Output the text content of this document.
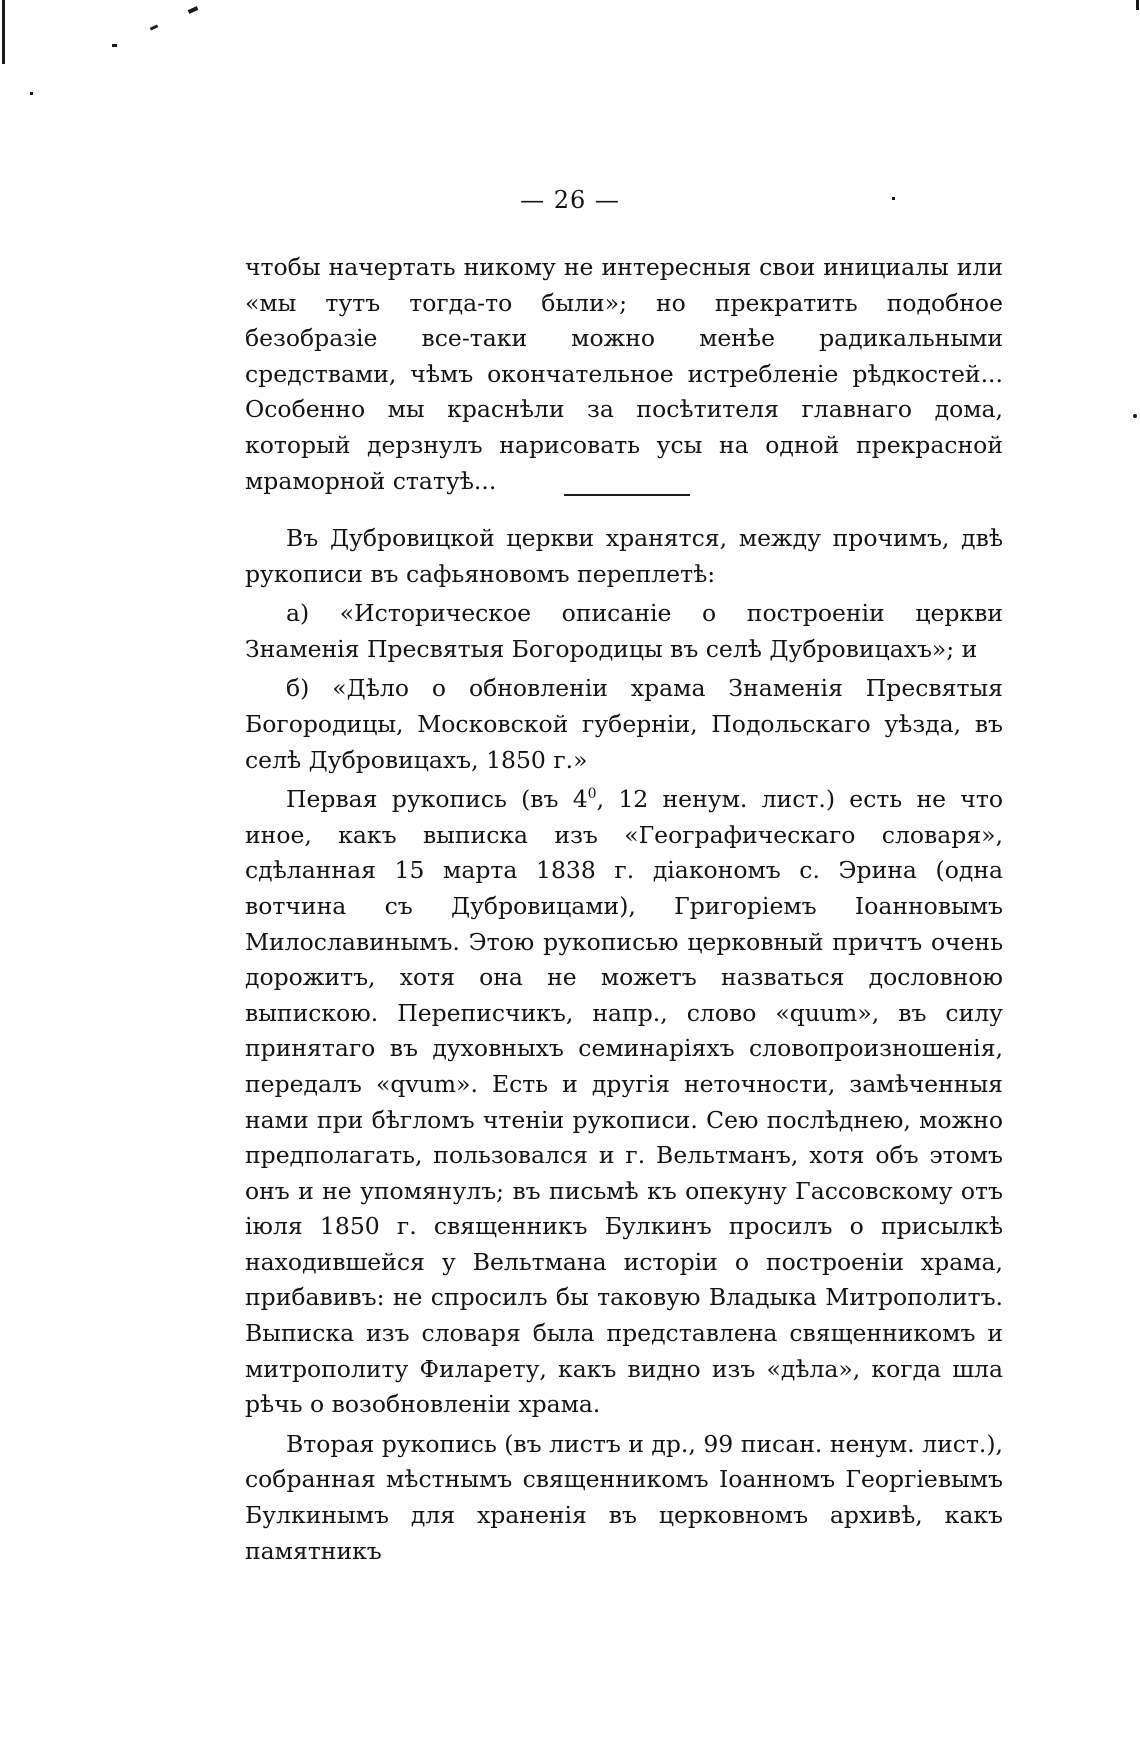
— 26 —

чтобы начертать никому не интересныя свои инициалы или «мы тутъ тогда-то были»; но прекратить подобное безобразіе все-таки можно менѣе радикальными средствами, чѣмъ окончательное истребленіе рѣдкостей... Особенно мы краснѣли за посѣтителя главнаго дома, который дерзнулъ нарисовать усы на одной прекрасной мраморной статуѣ...

Въ Дубровицкой церкви хранятся, между прочимъ, двѣ рукописи въ сафьяновомъ переплетѣ:

а) «Историческое описаніе о построеніи церкви Знаменія Пресвятыя Богородицы въ селѣ Дубровицахъ»; и

б) «Дѣло о обновленіи храма Знаменія Пресвятыя Богородицы, Московской губерніи, Подольскаго уѣзда, въ селѣ Дубровицахъ, 1850 г.»

Первая рукопись (въ $4^0$, 12 ненум. лист.) есть не что иное, какъ выписка изъ «Географическаго словаря», сдѣланная 15 марта 1838 г. діакономъ с. Эрина (одна вотчина съ Дубровицами), Григоріемъ Іоанновымъ Милославинымъ. Этою рукописью церковный причтъ очень дорожитъ, хотя она не можетъ назваться дословною выпискою. Переписчикъ, напр., слово «quum», въ силу принятаго въ духовныхъ семинаріяхъ словопроизношенія, передалъ «qvum». Есть и другія неточности, замѣченныя нами при бѣгломъ чтеніи рукописи. Сею послѣднею, можно предполагать, пользовался и г. Вельтманъ, хотя объ этомъ онъ и не упомянулъ; въ письмѣ къ опекуну Гассовскому отъ іюля 1850 г. священникъ Булкинъ просилъ о присылкѣ находившейся у Вельтмана исторіи о построеніи храма, прибавивъ: не спросилъ бы таковую Владыка Митрополитъ. Выписка изъ словаря была представлена священникомъ и митрополиту Филарету, какъ видно изъ «дѣла», когда шла рѣчь о возобновленіи храма.

Вторая рукопись (въ листъ и др., 99 писан. ненум. лист.), собранная мѣстнымъ священникомъ Іоанномъ Георгіевымъ Булкинымъ для храненія въ церковномъ архивѣ, какъ памятникъ
